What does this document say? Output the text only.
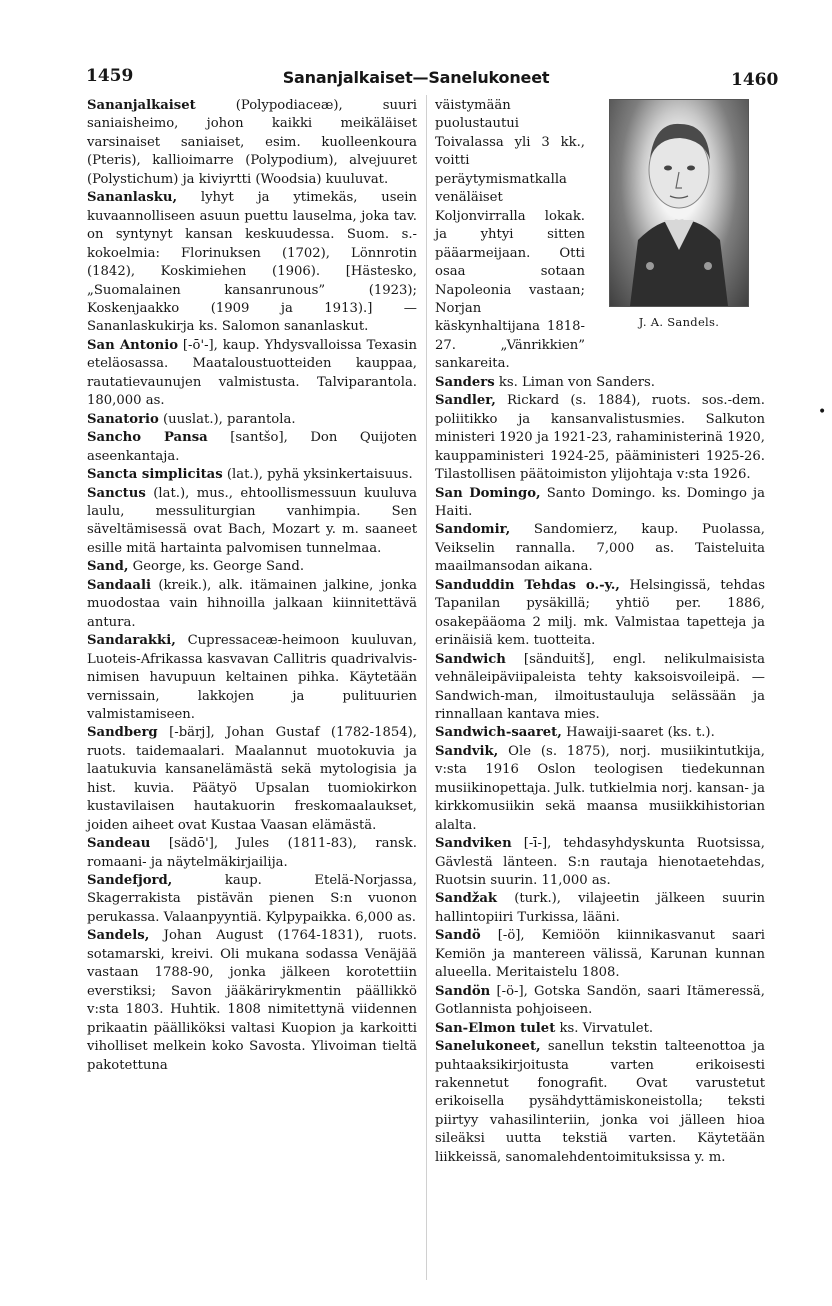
1459	Sananjalkaiset—Sanelukoneet	1460
•

Sananjalkaiset (Polypodiaceæ), suuri saniaisheimo, johon kaikki meikäläiset varsinaiset saniaiset, esim. kuolleenkoura (Pteris), kallioimarre (Polypodium), alvejuuret (Polystichum) ja kiviyrtti (Woodsia) kuuluvat.

Sananlasku, lyhyt ja ytimekäs, usein kuvaannolliseen asuun puettu lauselma, joka tav. on syntynyt kansan keskuudessa. Suom. s.-kokoelmia: Florinuksen (1702), Lönnrotin (1842), Koskimiehen (1906). [Hästesko, „Suomalainen kansanrunous” (1923); Koskenjaakko (1909 ja 1913).] — Sananlaskukirja ks. Salomon sananlaskut.

San Antonio [-ō'-], kaup. Yhdysvalloissa Texasin eteläosassa. Maataloustuotteiden kauppaa, rautatievaunujen valmistusta. Talviparantola. 180,000 as.

Sanatorio (uuslat.), parantola.

Sancho Pansa [santšo], Don Quijoten aseenkantaja.

Sancta simplicitas (lat.), pyhä yksinkertaisuus.

Sanctus (lat.), mus., ehtoollismessuun kuuluva laulu, messuliturgian vanhimpia. Sen säveltämisessä ovat Bach, Mozart y. m. saaneet esille mitä hartainta palvomisen tunnelmaa.

Sand, George, ks. George Sand.

Sandaali (kreik.), alk. itämainen jalkine, jonka muodostaa vain hihnoilla jalkaan kiinnitettävä antura.

Sandarakki, Cupressaceæ-heimoon kuuluvan, Luoteis-Afrikassa kasvavan Callitris quadrivalvis-nimisen havupuun keltainen pihka. Käytetään vernissain, lakkojen ja pulituurien valmistamiseen.

Sandberg [-bärj], Johan Gustaf (1782-1854), ruots. taidemaalari. Maalannut muotokuvia ja laatukuvia kansanelämästä sekä mytologisia ja hist. kuvia. Päätyö Upsalan tuomiokirkon kustavilaisen hautakuorin freskomaalaukset, joiden aiheet ovat Kustaa Vaasan elämästä.

Sandeau [sädō'], Jules (1811-83), ransk. romaani- ja näytelmäkirjailija.

Sandefjord, kaup. Etelä-Norjassa, Skagerrakista pistävän pienen S:n vuonon perukassa. Valaanpyyntiä. Kylpypaikka. 6,000 as.

Sandels, Johan August (1764-1831), ruots. sotamarski, kreivi. Oli mukana sodassa Venäjää vastaan 1788-90, jonka jälkeen korotettiin everstiksi; Savon jääkärirykmentin päällikkö v:sta 1803. Huhtik. 1808 nimitettynä viidennen prikaatin päälliköksi valtasi Kuopion ja karkoitti viholliset melkein koko Savosta. Ylivoiman tieltä pakotettuna

J. A. Sandels.

väistymään puolustautui Toivalassa yli 3 kk., voitti peräytymismatkalla venäläiset Koljonvirralla lokak. ja yhtyi sitten pääarmeijaan. Otti osaa sotaan Napoleonia vastaan; Norjan käskynhaltijana 1818-27. „Vänrikkien” sankareita.

Sanders ks. Liman von Sanders.

Sandler, Rickard (s. 1884), ruots. sos.-dem. poliitikko ja kansanvalistusmies. Salkuton ministeri 1920 ja 1921-23, rahaministerinä 1920, kauppaministeri 1924-25, pääministeri 1925-26. Tilastollisen päätoimiston ylijohtaja v:sta 1926.

San Domingo, Santo Domingo. ks. Domingo ja Haiti.

Sandomir, Sandomierz, kaup. Puolassa, Veikselin rannalla. 7,000 as. Taisteluita maailmansodan aikana.

Sanduddin Tehdas o.-y., Helsingissä, tehdas Tapanilan pysäkillä; yhtiö per. 1886, osakepääoma 2 milj. mk. Valmistaa tapetteja ja erinäisiä kem. tuotteita.

Sandwich [sänduitš], engl. nelikulmaisista vehnäleipäviipaleista tehty kaksoisvoileipä. — Sandwich-man, ilmoitustauluja selässään ja rinnallaan kantava mies.

Sandwich-saaret, Hawaiji-saaret (ks. t.).

Sandvik, Ole (s. 1875), norj. musiikintutkija, v:sta 1916 Oslon teologisen tiedekunnan musiikinopettaja. Julk. tutkielmia norj. kansan- ja kirkkomusiikin sekä maansa musiikkihistorian alalta.

Sandviken [-ī-], tehdasyhdyskunta Ruotsissa, Gävlestä länteen. S:n rautaja hienotaetehdas, Ruotsin suurin. 11,000 as.

Sandžak (turk.), vilajeetin jälkeen suurin hallintopiiri Turkissa, lääni.

Sandö [-ö], Kemiöön kiinnikasvanut saari Kemiön ja mantereen välissä, Karunan kunnan alueella. Meritaistelu 1808.

Sandön [-ö-], Gotska Sandön, saari Itämeressä, Gotlannista pohjoiseen.

San-Elmon tulet ks. Virvatulet.

Sanelukoneet, sanellun tekstin talteenottoa ja puhtaaksikirjoitusta varten erikoisesti rakennetut fonografit. Ovat varustetut erikoisella pysähdyttämiskoneistolla; teksti piirtyy vahasilinteriin, jonka voi jälleen hioa sileäksi uutta tekstiä varten. Käytetään liikkeissä, sanomalehdentoimituksissa y. m.
